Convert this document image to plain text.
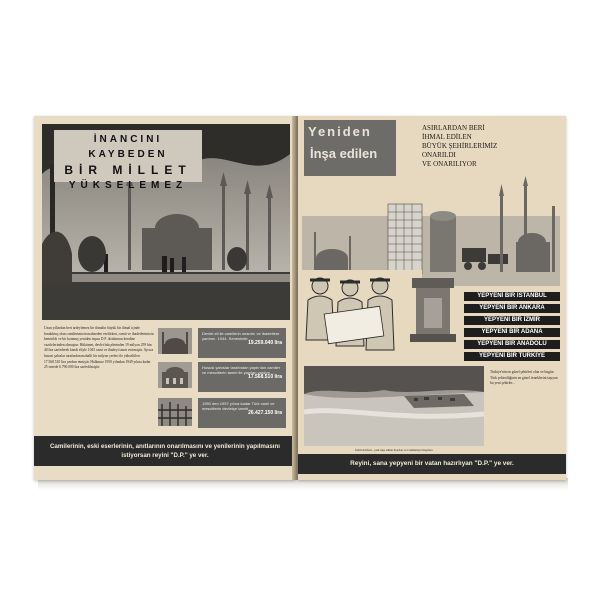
İNANCINI KAYBEDEN
BİR MİLLET
YÜKSELEMEZ
Uzun yıllardan beri ardeylemez bir ihmalin büyük bir ilimal içinde bırakılmış olan camilerimizin mahzeden verilirken, camii ve ibadetlerimizin kemirildi ve bir konmuş yeniden inşası D.P. iktidarının kendine vazifelerinden olmuştur. Hükümet, devlet bütçelerinden 19 milyon 259 bin 40 lira sarfederek kendi eliyle 1045 cami ve ibadeyi tamir ettirmiştir. Ayrıca hususi şahıslar tarafından mahalli bir milyon yerleri ile yükseltilen 17.568.510 lira yardım etmiştir. Halkımız 1950 yılından 1949 yılına kadar 25 senede 6.790.000 lira sarfedilmiştir.
Devlet eli ile camilerin onarımı ve ibadetlere yardımı. 1944. Senesinde ...
19.259.040 lira
Hususi şahıslar tarafından yaptırılan camiler ve mescitlerin tamiri ile yapılan yardım ...
17.568.510 lira
1950 den 1957 yılına kadar Türk cami ve mescitlerin devletçe tamiri ...
26.427.150 lira
Camilerinin, eski eserlerinin, anıtlarının onarılmasını ve yenilerinin yapılmasını istiyorsan reyini "D.P." ye ver.
Yeniden
İnşa edilen
ASIRLARDAN BERİ
İHMAL EDİLEN
BÜYÜK ŞEHİRLERİMİZ
ONARILDI
VE ONARILIYOR
YEPYENİ BİR İSTANBUL
YEPYENİ BİR ANKARA
YEPYENİ BİR İZMİR
YEPYENİ BİR ADANA
YEPYENİ BİR ANADOLU
YEPYENİ BİR TÜRKİYE
İzmir Körfezi - yeni inşa edilen Kordon ve Cumhuriyet meydanı
Türkiye'nin en güzel şehirleri olan ve bugün Türk şehirciliğinin en güzel örneklerini taşıyan bu yeni şehirler...
Reyini, sana yepyeni bir vatan hazırlıyan "D.P." ye ver.
